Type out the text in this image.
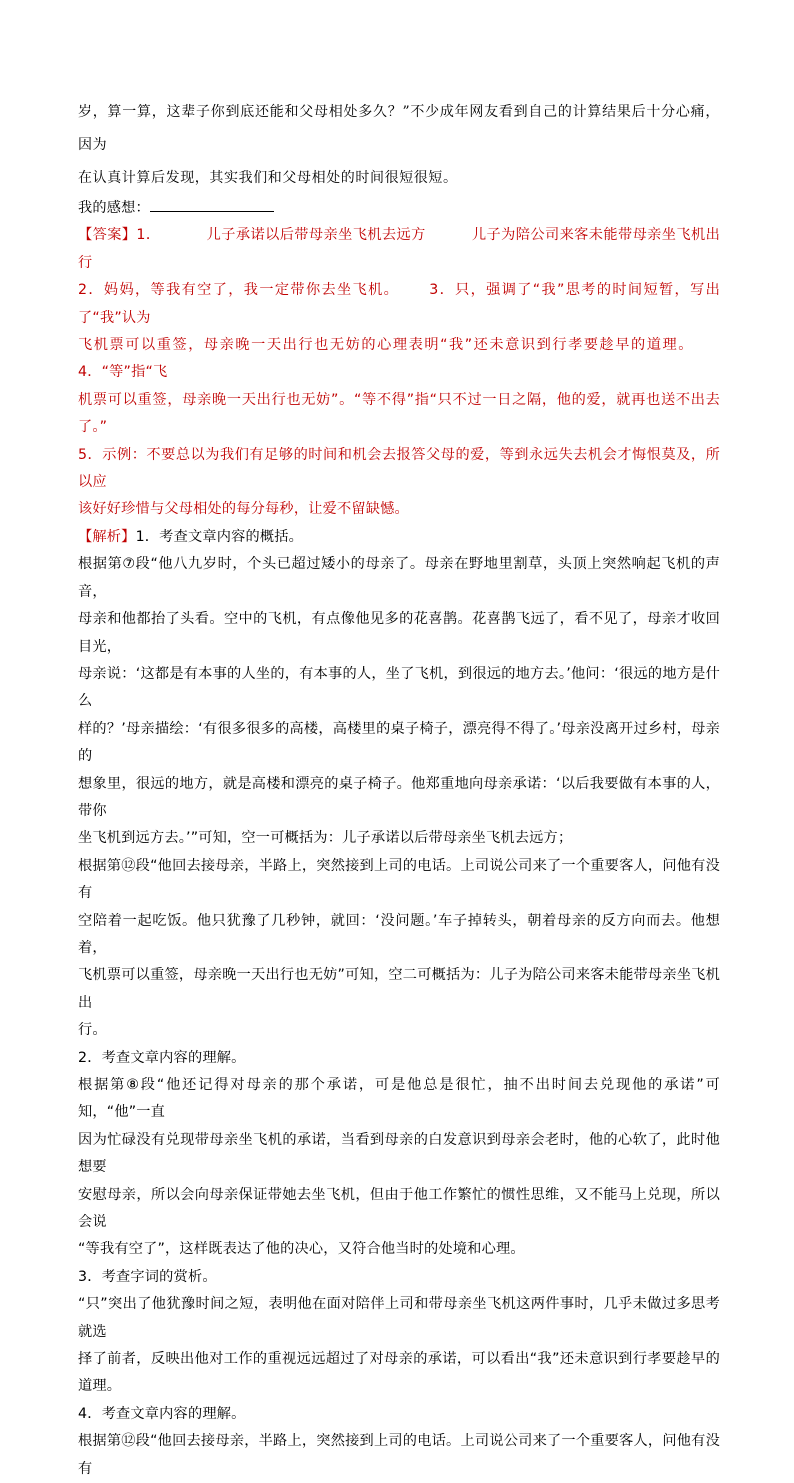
岁，算一算，这辈子你到底还能和父母相处多久？”不少成年网友看到自己的计算结果后十分心痛，因为

在认真计算后发现，其实我们和父母相处的时间很短很短。

我的感想：

【答案】1．	儿子承诺以后带母亲坐飞机去远方	儿子为陪公司来客未能带母亲坐飞机出行

2．妈妈，等我有空了，我一定带你去坐飞机。 3．只，强调了“我”思考的时间短暂，写出了“我”认为

飞机票可以重签，母亲晚一天出行也无妨的心理表明“我”还未意识到行孝要趁早的道理。4．“等”指“飞

机票可以重签，母亲晚一天出行也无妨”。“等不得”指“只不过一日之隔，他的爱，就再也送不出去了。”

5．示例：不要总以为我们有足够的时间和机会去报答父母的爱，等到永远失去机会才悔恨莫及，所以应

该好好珍惜与父母相处的每分每秒，让爱不留缺憾。

【解析】1．考查文章内容的概括。

根据第⑦段“他八九岁时，个头已超过矮小的母亲了。母亲在野地里割草，头顶上突然响起飞机的声音，

母亲和他都抬了头看。空中的飞机，有点像他见多的花喜鹊。花喜鹊飞远了，看不见了，母亲才收回目光，

母亲说：‘这都是有本事的人坐的，有本事的人，坐了飞机，到很远的地方去。’他问：‘很远的地方是什么

样的？’母亲描绘：‘有很多很多的高楼，高楼里的桌子椅子，漂亮得不得了。’母亲没离开过乡村，母亲的

想象里，很远的地方，就是高楼和漂亮的桌子椅子。他郑重地向母亲承诺：‘以后我要做有本事的人，带你

坐飞机到远方去。’”可知，空一可概括为：儿子承诺以后带母亲坐飞机去远方；

根据第⑫段“他回去接母亲，半路上，突然接到上司的电话。上司说公司来了一个重要客人，问他有没有

空陪着一起吃饭。他只犹豫了几秒钟，就回：‘没问题。’车子掉转头，朝着母亲的反方向而去。他想着，

飞机票可以重签，母亲晚一天出行也无妨”可知，空二可概括为：儿子为陪公司来客未能带母亲坐飞机出

行。

2．考查文章内容的理解。

根据第⑧段“他还记得对母亲的那个承诺，可是他总是很忙，抽不出时间去兑现他的承诺”可知，“他”一直

因为忙碌没有兑现带母亲坐飞机的承诺，当看到母亲的白发意识到母亲会老时，他的心软了，此时他想要

安慰母亲，所以会向母亲保证带她去坐飞机，但由于他工作繁忙的惯性思维，又不能马上兑现，所以会说

“等我有空了”，这样既表达了他的决心，又符合他当时的处境和心理。

3．考查字词的赏析。

“只”突出了他犹豫时间之短，表明他在面对陪伴上司和带母亲坐飞机这两件事时，几乎未做过多思考就选

择了前者，反映出他对工作的重视远远超过了对母亲的承诺，可以看出“我”还未意识到行孝要趁早的道理。

4．考查文章内容的理解。

根据第⑫段“他回去接母亲，半路上，突然接到上司的电话。上司说公司来了一个重要客人，问他有没有
